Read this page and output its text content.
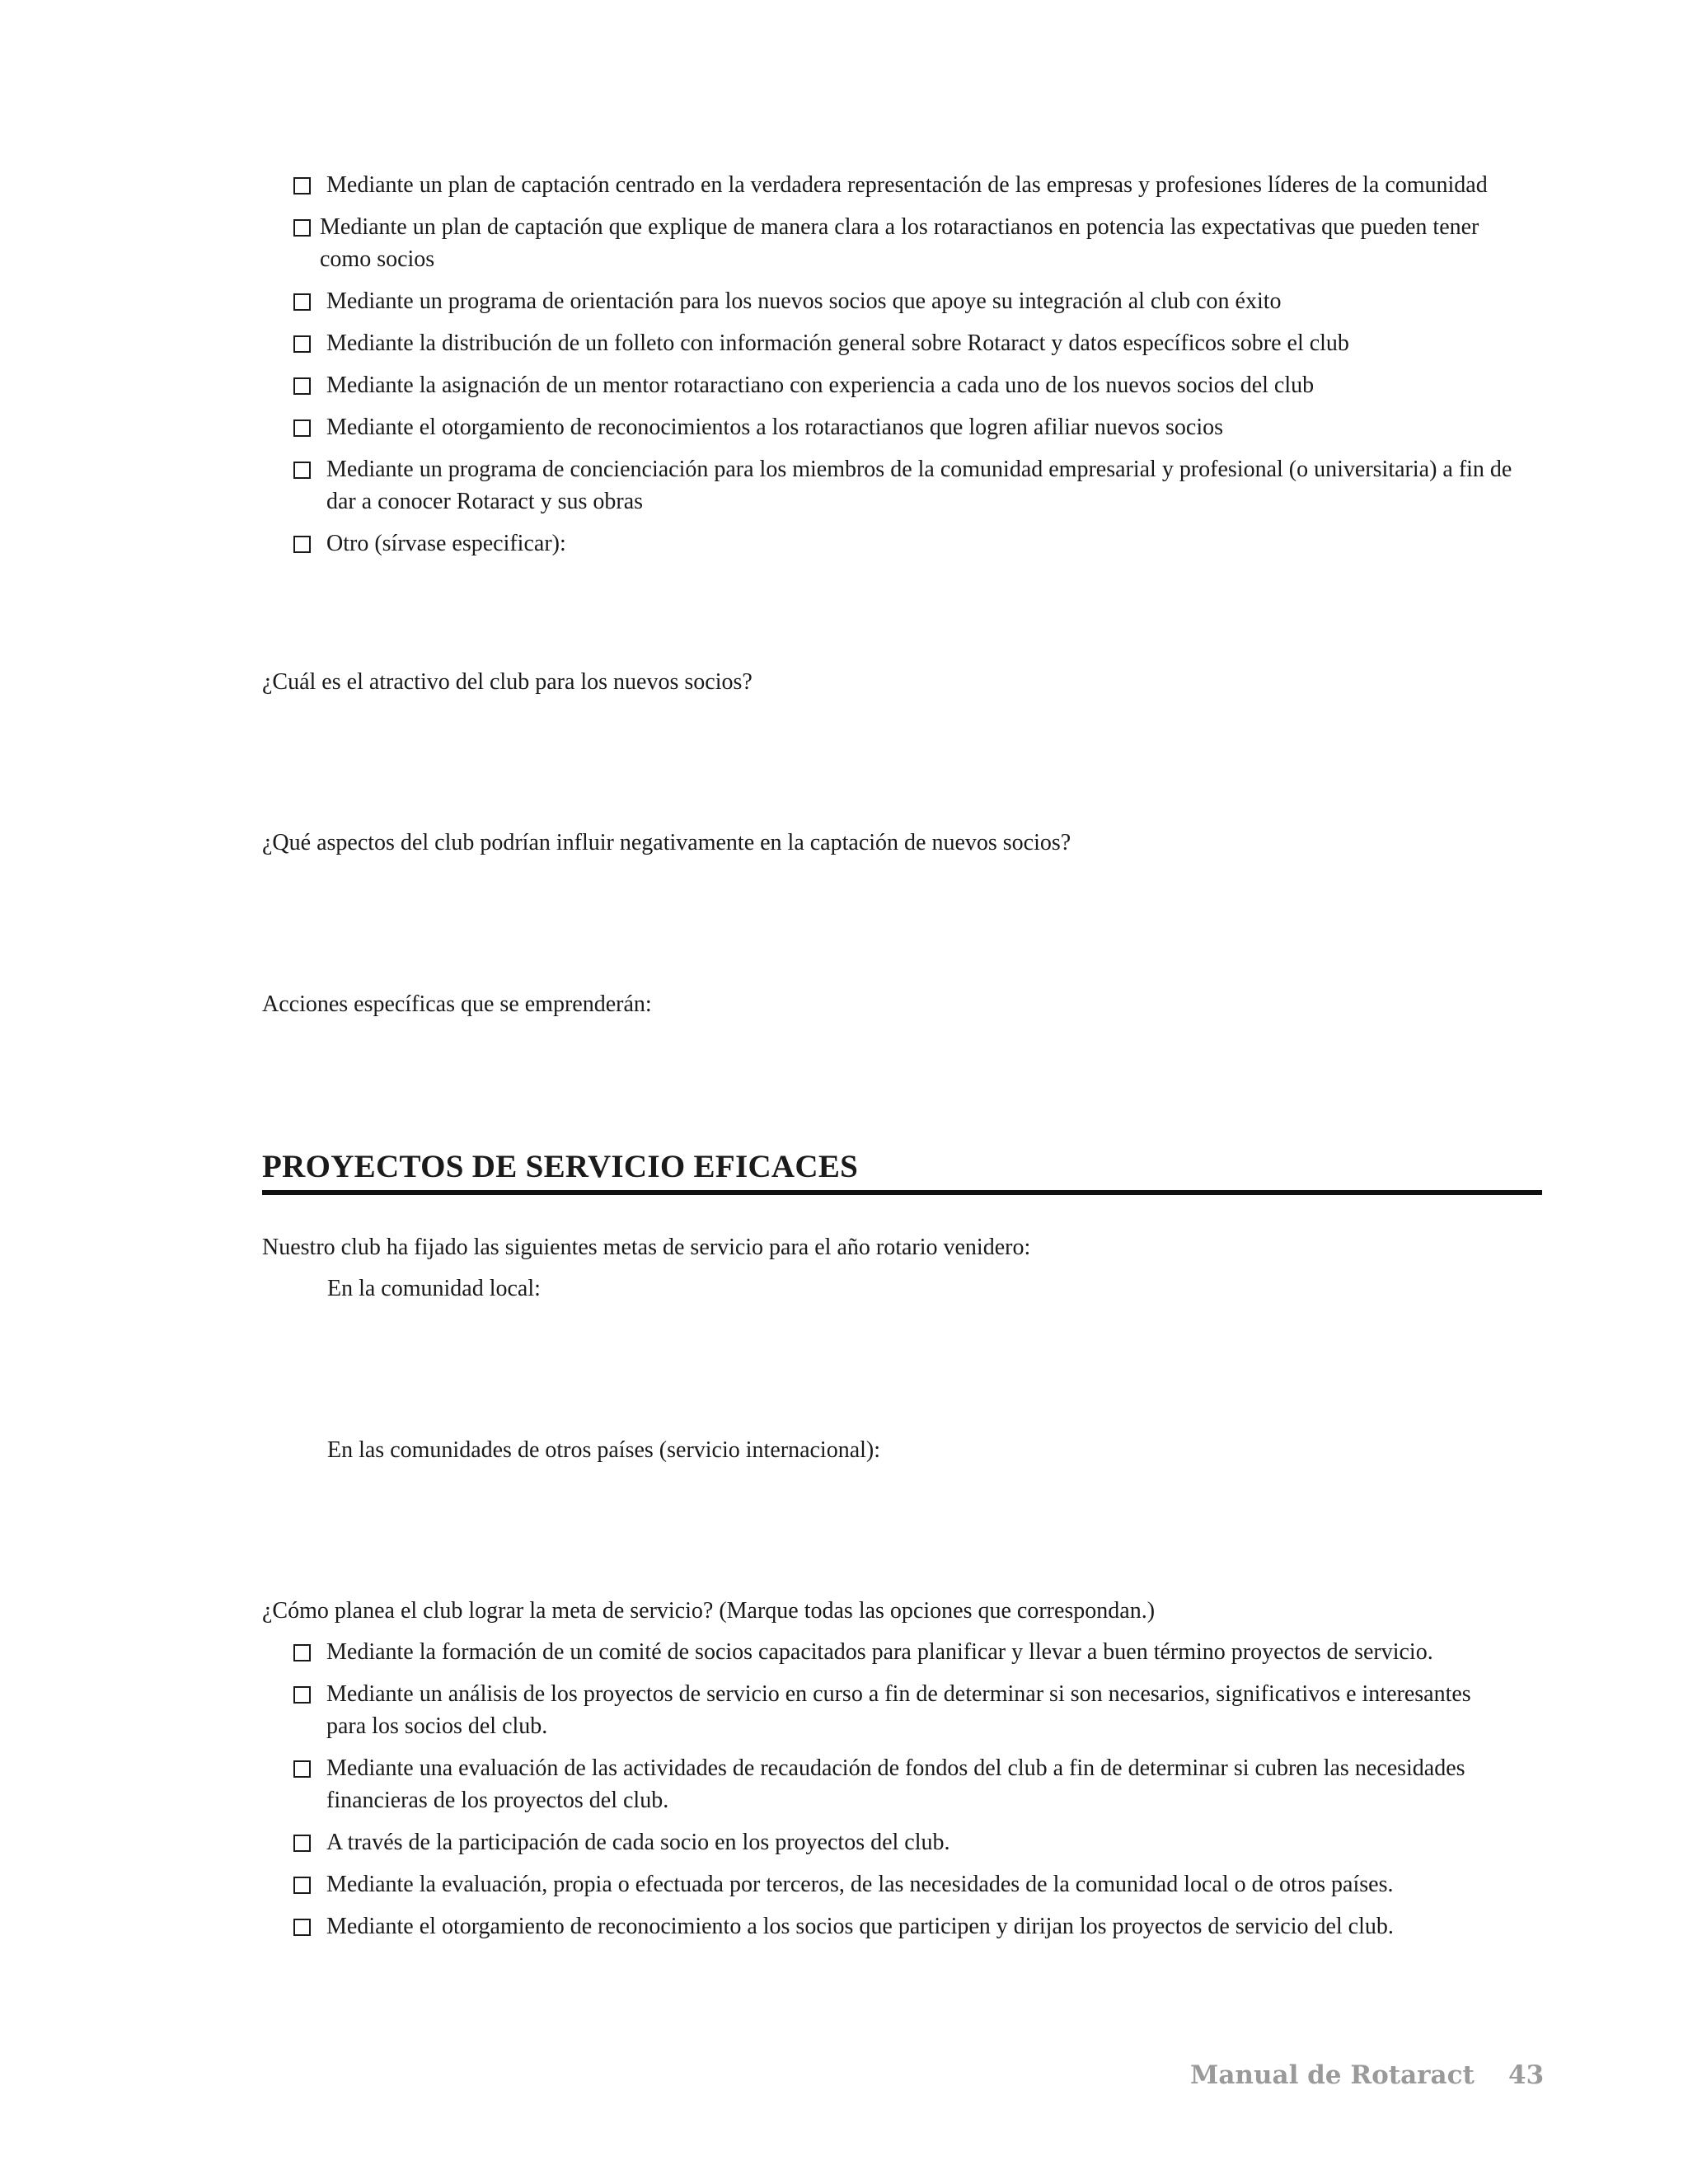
Mediante un plan de captación centrado en la verdadera representación de las empresas y profesiones líderes de la comunidad
Mediante un plan de captación que explique de manera clara a los rotaractianos en potencia las expectativas que pueden tener como socios
Mediante un programa de orientación para los nuevos socios que apoye su integración al club con éxito
Mediante la distribución de un folleto con información general sobre Rotaract y datos específicos sobre el club
Mediante la asignación de un mentor rotaractiano con experiencia a cada uno de los nuevos socios del club
Mediante el otorgamiento de reconocimientos a los rotaractianos que logren afiliar nuevos socios
Mediante un programa de concienciación para los miembros de la comunidad empresarial y profesional (o universitaria) a fin de dar a conocer Rotaract y sus obras
Otro (sírvase especificar):

¿Cuál es el atractivo del club para los nuevos socios?

¿Qué aspectos del club podrían influir negativamente en la captación de nuevos socios?

Acciones específicas que se emprenderán:

PROYECTOS DE SERVICIO EFICACES

Nuestro club ha fijado las siguientes metas de servicio para el año rotario venidero:

En la comunidad local:

En las comunidades de otros países (servicio internacional):

¿Cómo planea el club lograr la meta de servicio? (Marque todas las opciones que correspondan.)

Mediante la formación de un comité de socios capacitados para planificar y llevar a buen término proyectos de servicio.
Mediante un análisis de los proyectos de servicio en curso a fin de determinar si son necesarios, significativos e interesantes para los socios del club.
Mediante una evaluación de las actividades de recaudación de fondos del club a fin de determinar si cubren las necesidades financieras de los proyectos del club.
A través de la participación de cada socio en los proyectos del club.
Mediante la evaluación, propia o efectuada por terceros, de las necesidades de la comunidad local o de otros países.
Mediante el otorgamiento de reconocimiento a los socios que participen y dirijan los proyectos de servicio del club.

Manual de Rotaract 43
